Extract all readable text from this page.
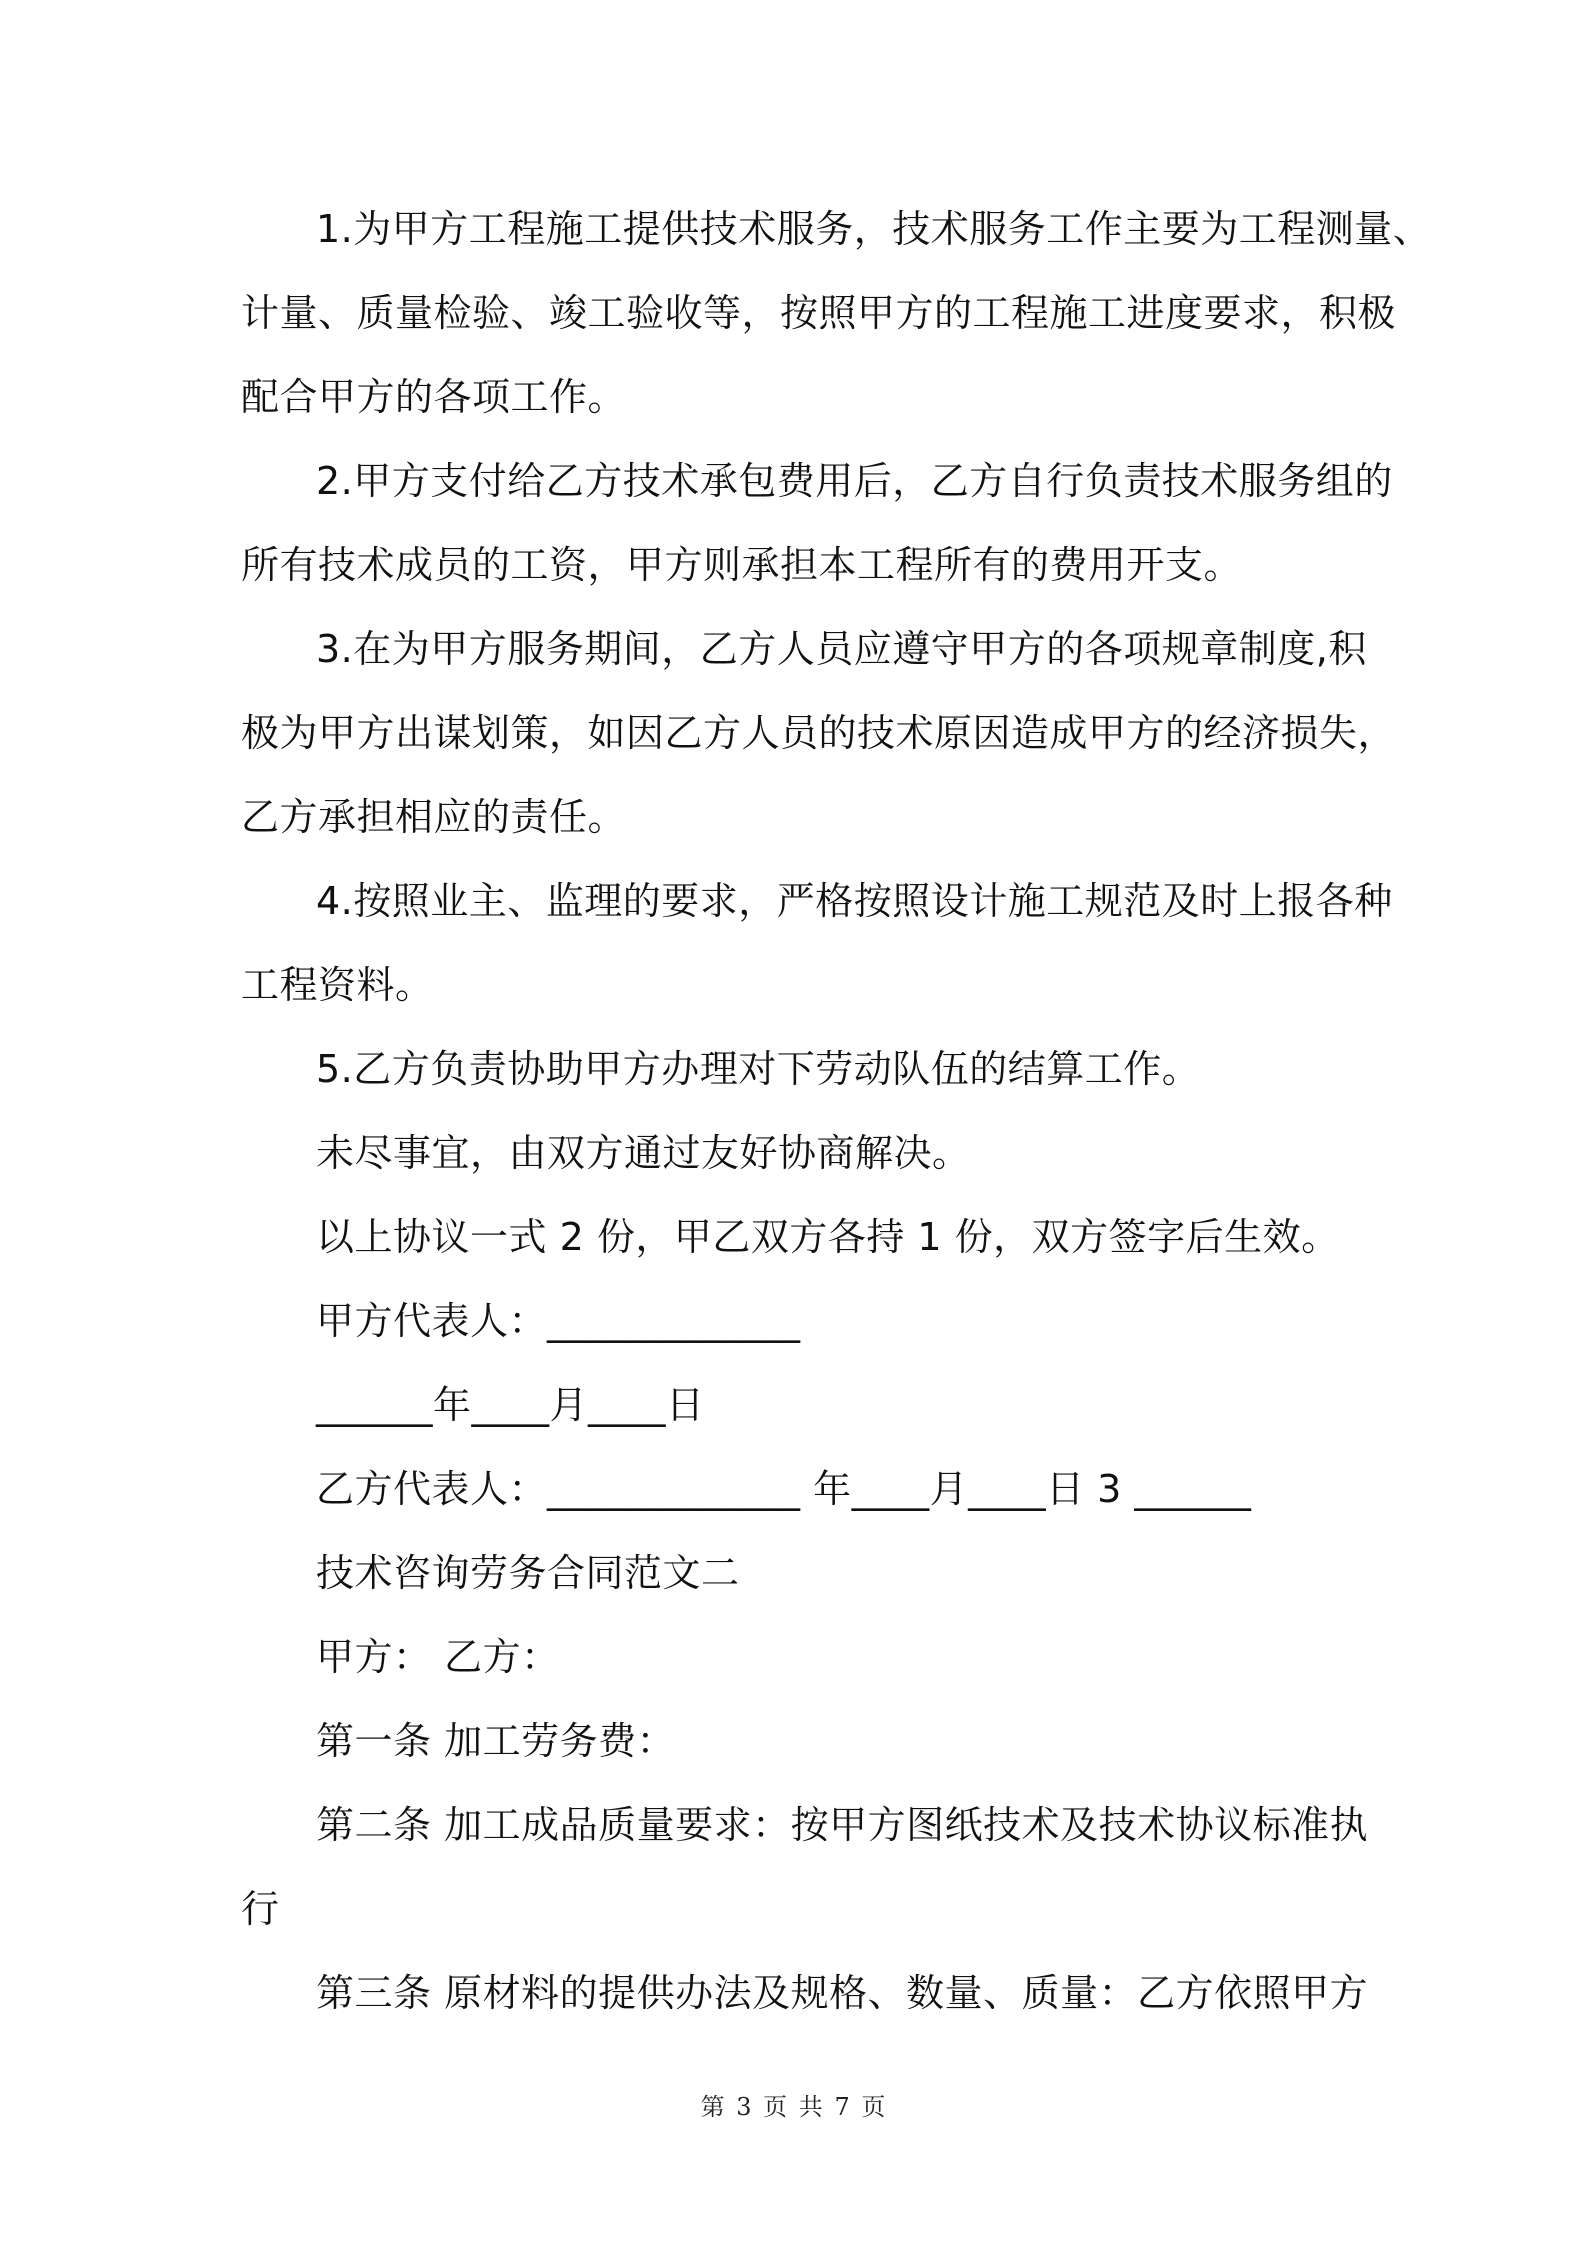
1.为甲方工程施工提供技术服务，技术服务工作主要为工程测量、
计量、质量检验、竣工验收等，按照甲方的工程施工进度要求，积极
配合甲方的各项工作。
2.甲方支付给乙方技术承包费用后，乙方自行负责技术服务组的
所有技术成员的工资，甲方则承担本工程所有的费用开支。
3.在为甲方服务期间，乙方人员应遵守甲方的各项规章制度,积
极为甲方出谋划策，如因乙方人员的技术原因造成甲方的经济损失，
乙方承担相应的责任。
4.按照业主、监理的要求，严格按照设计施工规范及时上报各种
工程资料。
5.乙方负责协助甲方办理对下劳动队伍的结算工作。
未尽事宜，由双方通过友好协商解决。
以上协议一式 2 份，甲乙双方各持 1 份，双方签字后生效。
甲方代表人：_____________
______年____月____日
乙方代表人：_____________ 年____月____日 3 ______
技术咨询劳务合同范文二
甲方： 乙方：
第一条 加工劳务费：
第二条 加工成品质量要求：按甲方图纸技术及技术协议标准执
行
第三条 原材料的提供办法及规格、数量、质量：乙方依照甲方
第 3 页 共 7 页
